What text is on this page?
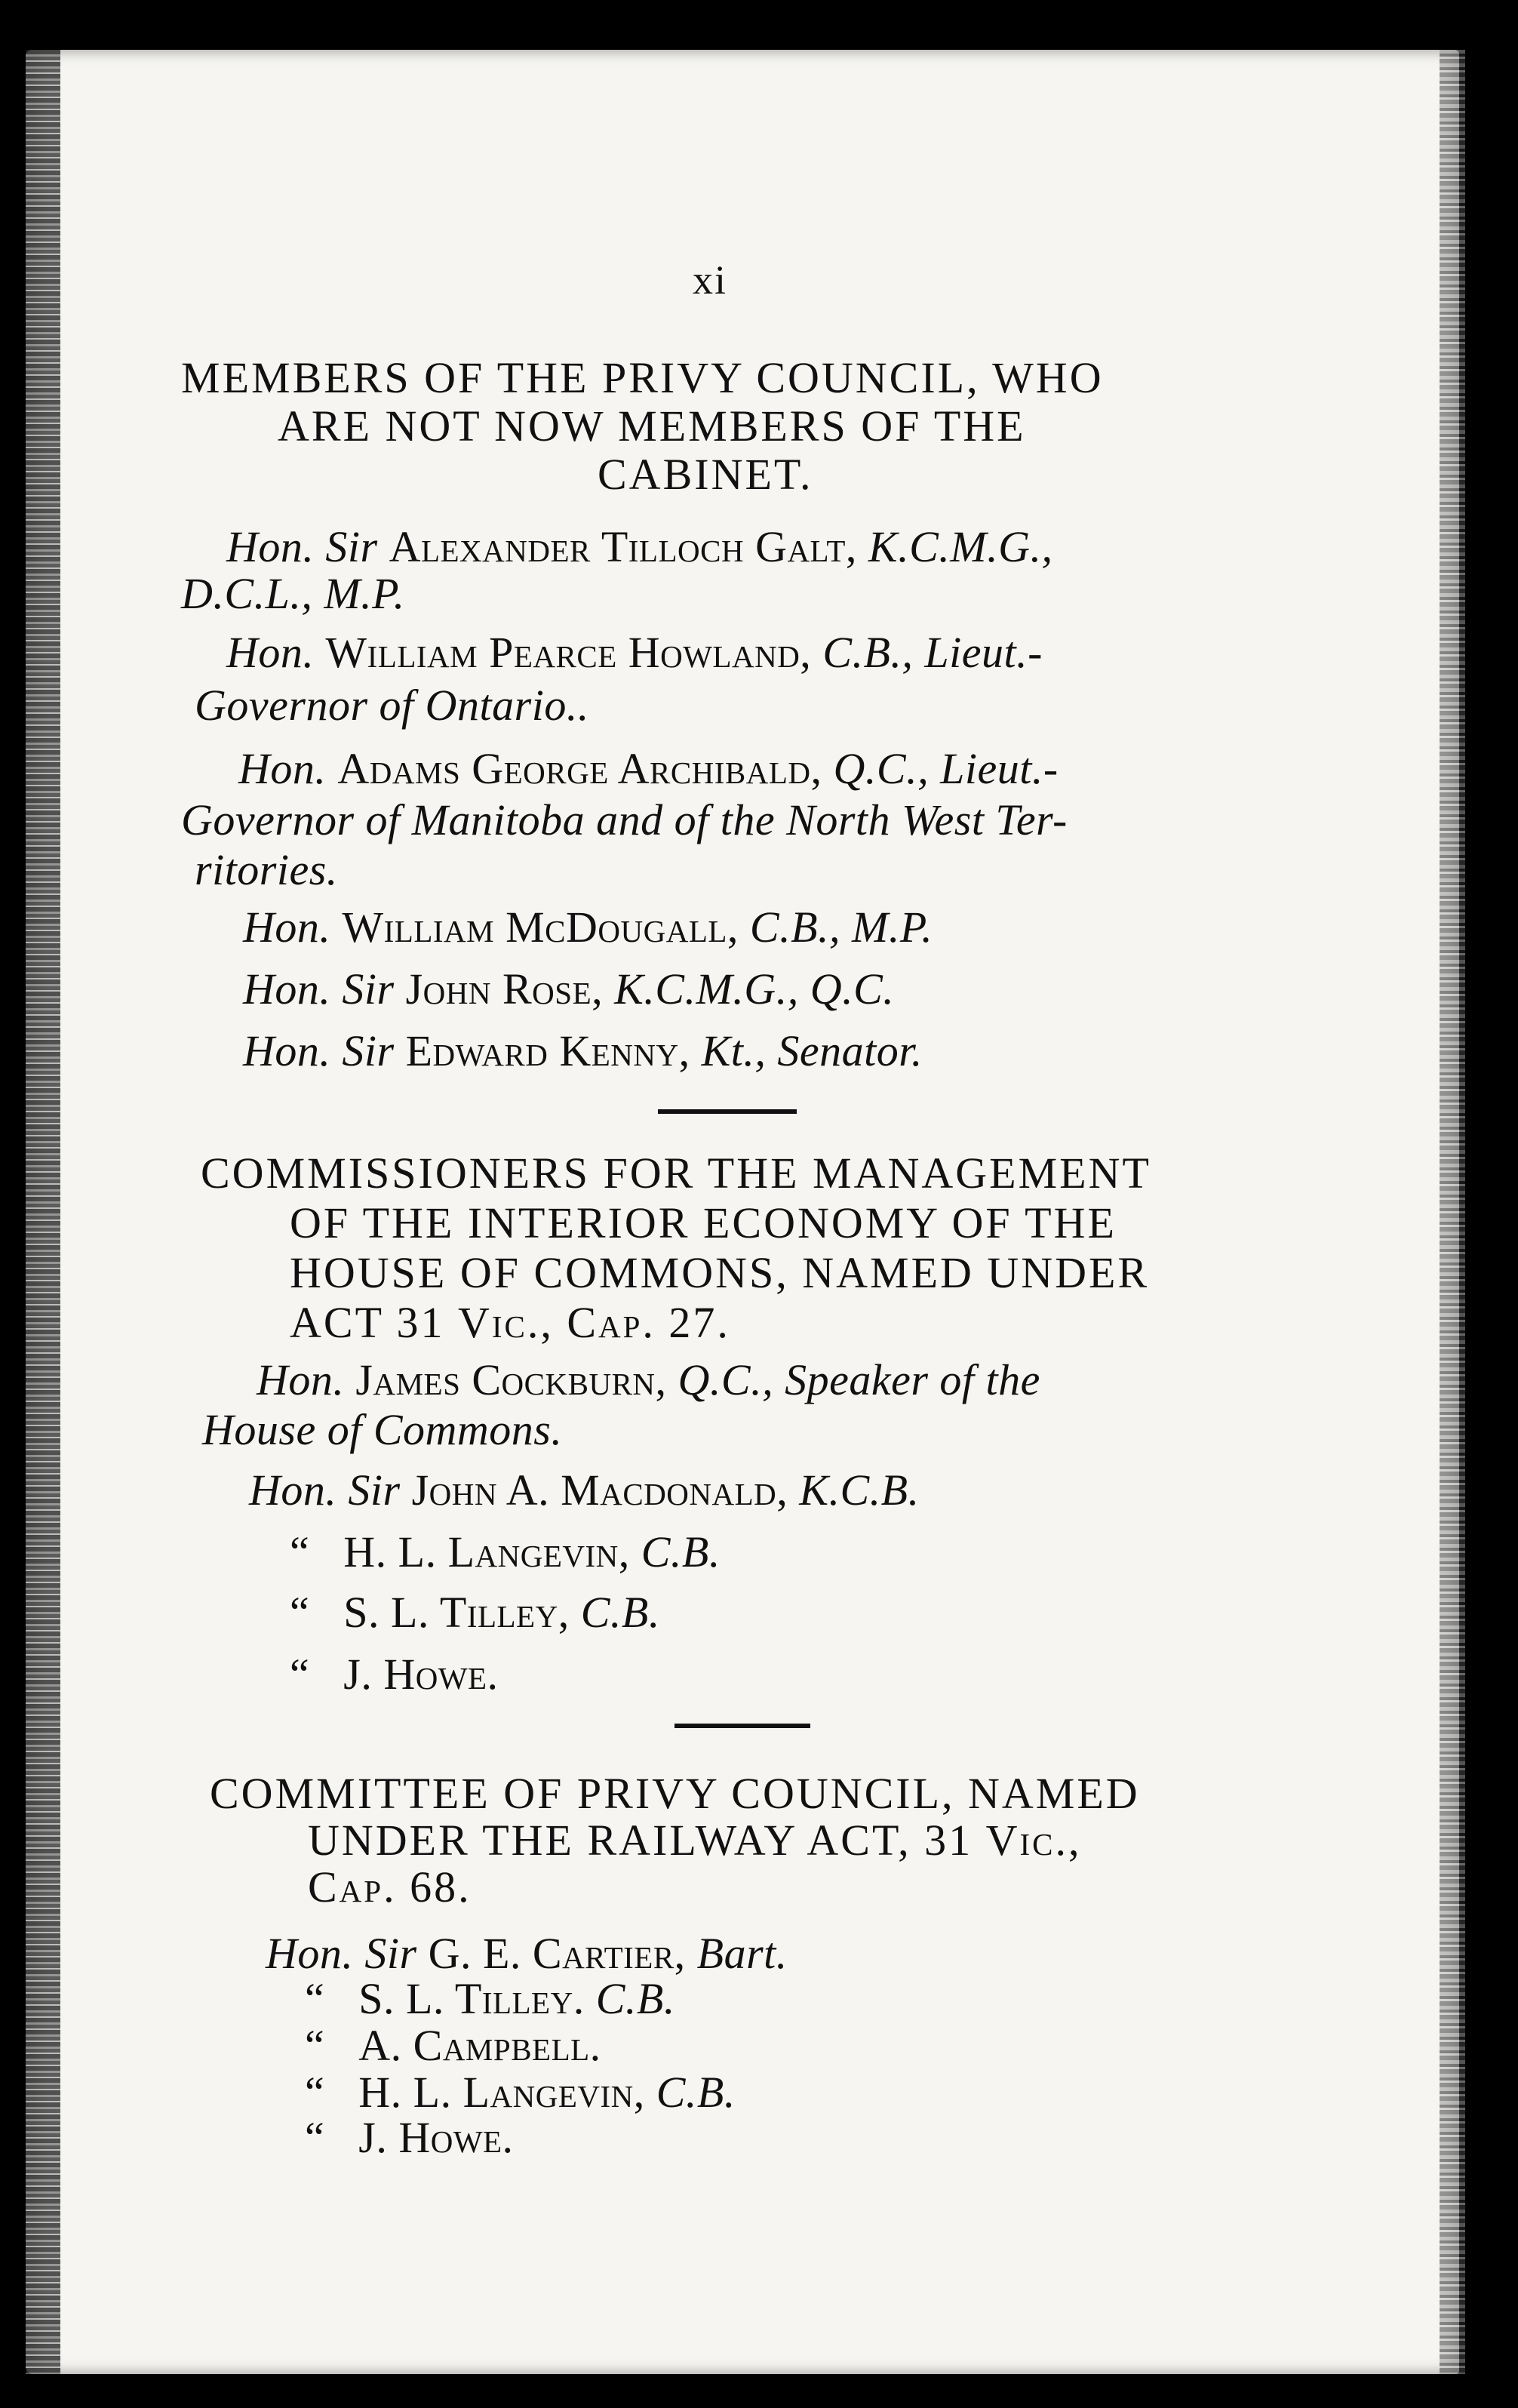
xi
MEMBERS OF THE PRIVY COUNCIL, WHO
ARE NOT NOW MEMBERS OF THE
CABINET.
Hon. Sir Alexander Tilloch Galt, K.C.M.G.,
D.C.L., M.P.
Hon. William Pearce Howland, C.B., Lieut.-
Governor of Ontario..
Hon. Adams George Archibald, Q.C., Lieut.-
Governor of Manitoba and of the North West Ter-
ritories.
Hon. William McDougall, C.B., M.P.
Hon. Sir John Rose, K.C.M.G., Q.C.
Hon. Sir Edward Kenny, Kt., Senator.
COMMISSIONERS FOR THE MANAGEMENT
OF THE INTERIOR ECONOMY OF THE
HOUSE OF COMMONS, NAMED UNDER
ACT 31 Vic., Cap. 27.
Hon. James Cockburn, Q.C., Speaker of the
House of Commons.
Hon. Sir John A. Macdonald, K.C.B.
“ H. L. Langevin, C.B.
“ S. L. Tilley, C.B.
“ J. Howe.
COMMITTEE OF PRIVY COUNCIL, NAMED
UNDER THE RAILWAY ACT, 31 Vic.,
Cap. 68.
Hon. Sir G. E. Cartier, Bart.
“ S. L. Tilley. C.B.
“ A. Campbell.
“ H. L. Langevin, C.B.
“ J. Howe.
